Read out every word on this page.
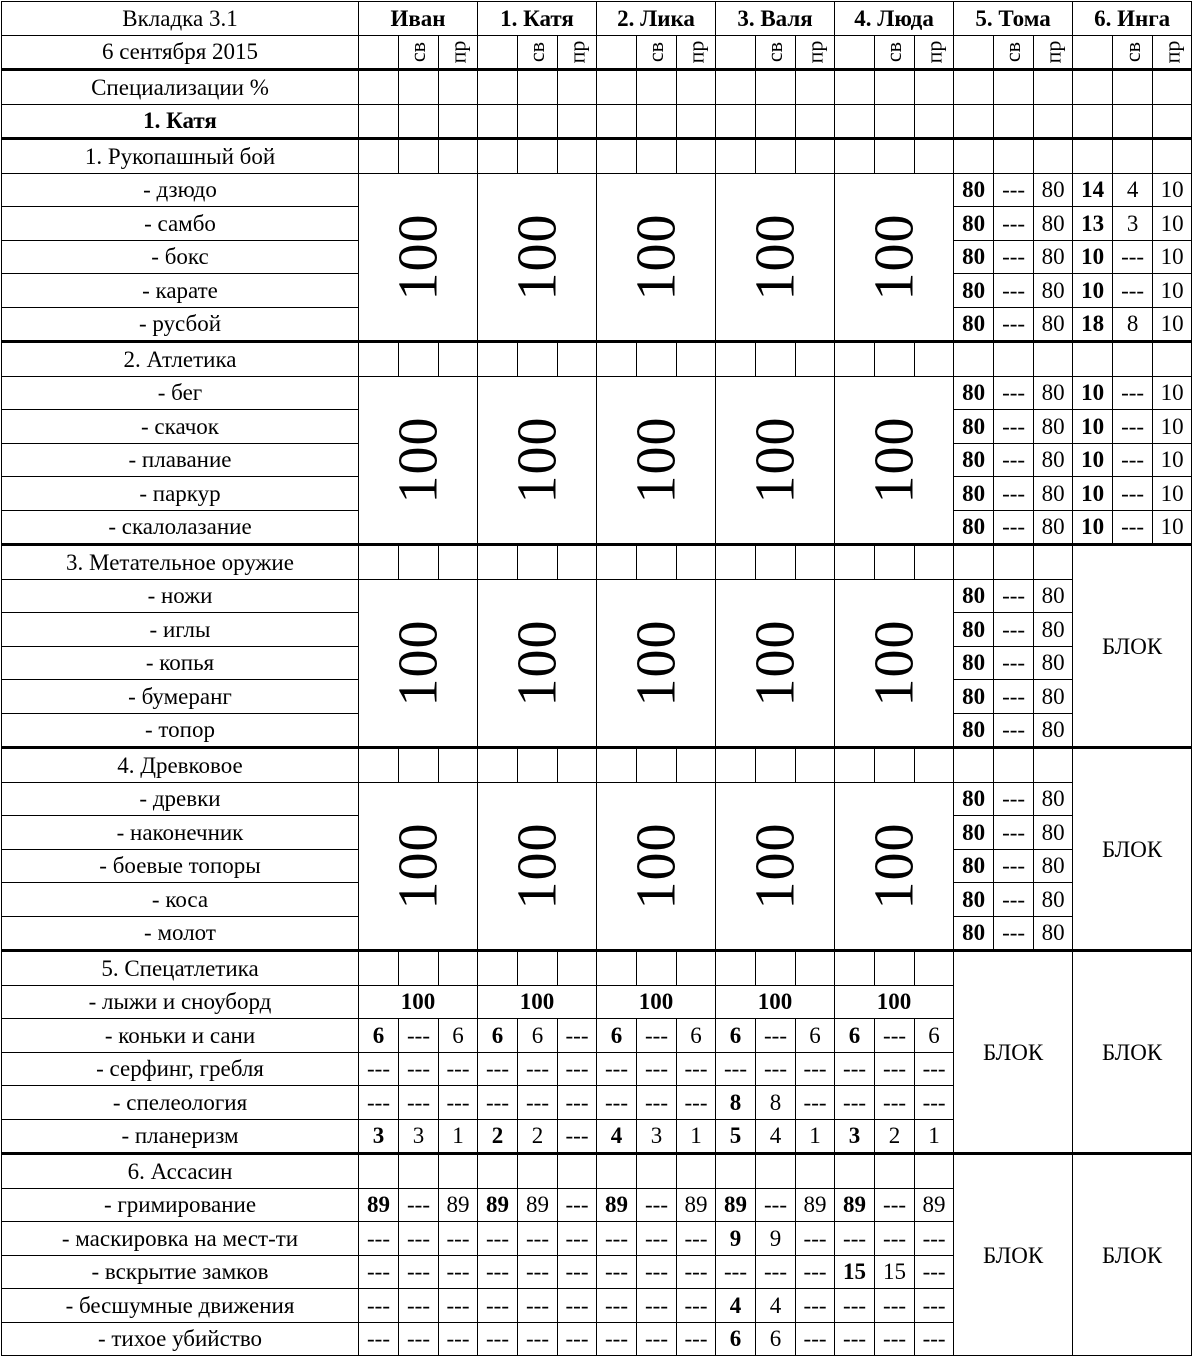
Вкладка 3.1	Иван			1. Катя			2. Лика			3. Валя			4. Люда			5. Тома			6. Инга		
6 сентября 2015		св	пр		св	пр		св	пр		св	пр		св	пр		св	пр		св	пр
Специализации %																					
1. Катя																					
1. Рукопашный бой																					
- дзюдо	100			100			100			100			100			80	---	80	14	4	10
- самбо																80	---	80	13	3	10
- бокс																80	---	80	10	---	10
- карате																80	---	80	10	---	10
- русбой																80	---	80	18	8	10
2. Атлетика																					
- бег	100			100			100			100			100			80	---	80	10	---	10
- скачок																80	---	80	10	---	10
- плавание																80	---	80	10	---	10
- паркур																80	---	80	10	---	10
- скалолазание																80	---	80	10	---	10
3. Метательное оружие																			БЛОК		
- ножи	100			100			100			100			100			80	---	80			
- иглы																80	---	80			
- копья																80	---	80			
- бумеранг																80	---	80			
- топор																80	---	80			
4. Древковое																			БЛОК		
- древки	100			100			100			100			100			80	---	80			
- наконечник																80	---	80			
- боевые топоры																80	---	80			
- коса																80	---	80			
- молот																80	---	80			
5. Спецатлетика																БЛОК			БЛОК		
- лыжи и сноуборд	100			100			100			100			100								
- коньки и сани	6	---	6	6	6	---	6	---	6	6	---	6	6	---	6						
- серфинг, гребля	---	---	---	---	---	---	---	---	---	---	---	---	---	---	---						
- спелеология	---	---	---	---	---	---	---	---	---	8	8	---	---	---	---						
- планеризм	3	3	1	2	2	---	4	3	1	5	4	1	3	2	1						
6. Ассасин																БЛОК			БЛОК		
- гримирование	89	---	89	89	89	---	89	---	89	89	---	89	89	---	89						
- маскировка на мест-ти	---	---	---	---	---	---	---	---	---	9	9	---	---	---	---						
- вскрытие замков	---	---	---	---	---	---	---	---	---	---	---	---	15	15	---						
- бесшумные движения	---	---	---	---	---	---	---	---	---	4	4	---	---	---	---						
- тихое убийство	---	---	---	---	---	---	---	---	---	6	6	---	---	---	---						
